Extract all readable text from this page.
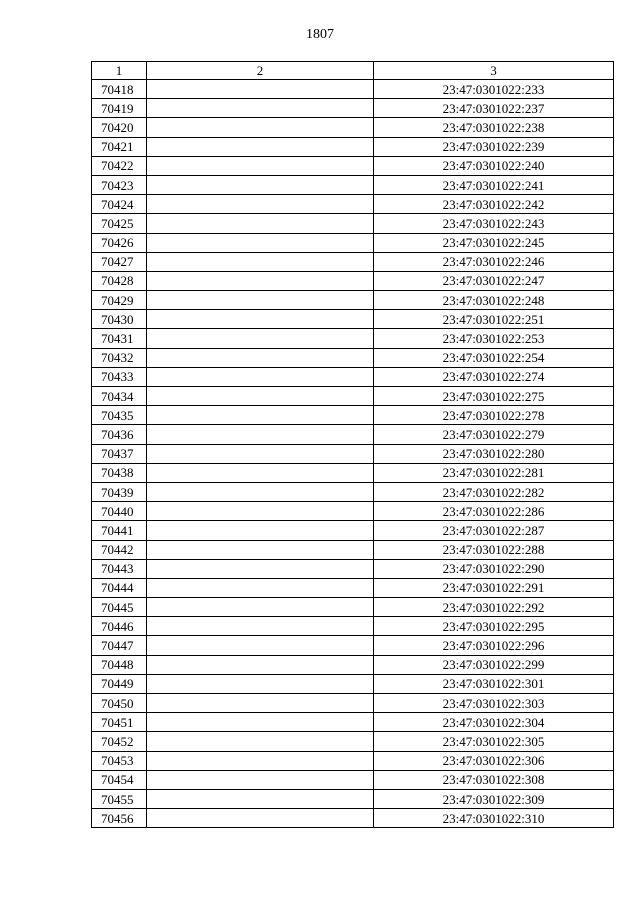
1807
1	2	3
70418		23:47:0301022:233
70419		23:47:0301022:237
70420		23:47:0301022:238
70421		23:47:0301022:239
70422		23:47:0301022:240
70423		23:47:0301022:241
70424		23:47:0301022:242
70425		23:47:0301022:243
70426		23:47:0301022:245
70427		23:47:0301022:246
70428		23:47:0301022:247
70429		23:47:0301022:248
70430		23:47:0301022:251
70431		23:47:0301022:253
70432		23:47:0301022:254
70433		23:47:0301022:274
70434		23:47:0301022:275
70435		23:47:0301022:278
70436		23:47:0301022:279
70437		23:47:0301022:280
70438		23:47:0301022:281
70439		23:47:0301022:282
70440		23:47:0301022:286
70441		23:47:0301022:287
70442		23:47:0301022:288
70443		23:47:0301022:290
70444		23:47:0301022:291
70445		23:47:0301022:292
70446		23:47:0301022:295
70447		23:47:0301022:296
70448		23:47:0301022:299
70449		23:47:0301022:301
70450		23:47:0301022:303
70451		23:47:0301022:304
70452		23:47:0301022:305
70453		23:47:0301022:306
70454		23:47:0301022:308
70455		23:47:0301022:309
70456		23:47:0301022:310
